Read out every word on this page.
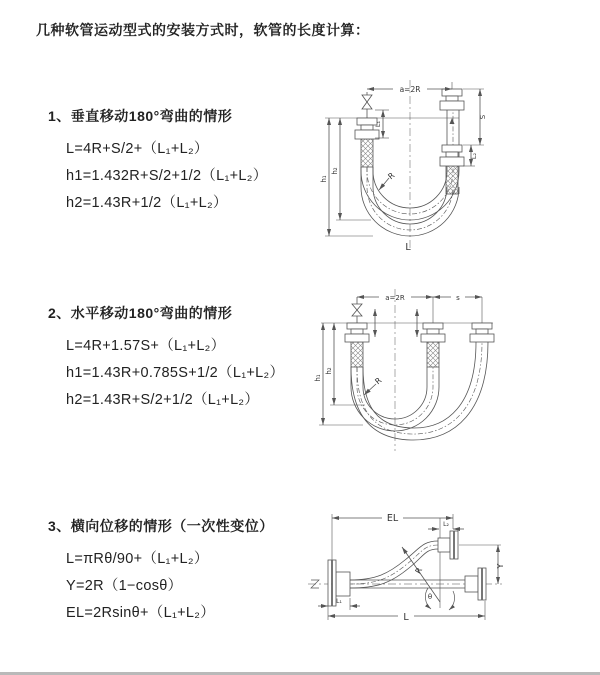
几种软管运动型式的安装方式时，软管的长度计算：
1、垂直移动180°弯曲的情形
L=4R+S/2+（L₁+L₂）
h1=1.432R+S/2+1/2（L₁+L₂）
h2=1.43R+1/2（L₁+L₂）
2、水平移动180°弯曲的情形
L=4R+1.57S+（L₁+L₂）
h1=1.43R+0.785S+1/2（L₁+L₂）
h2=1.43R+S/2+1/2（L₁+L₂）
3、横向位移的情形（一次性变位）
L=πRθ/90+（L₁+L₂）
Y=2R（1−cosθ）
EL=2Rsinθ+（L₁+L₂）
a=2R
L₁
S
L₂
h₁
h₂	R
L
a=2R	s
h₁
h₂
R
EL
L₂
Y
R
θ
L
L₁
